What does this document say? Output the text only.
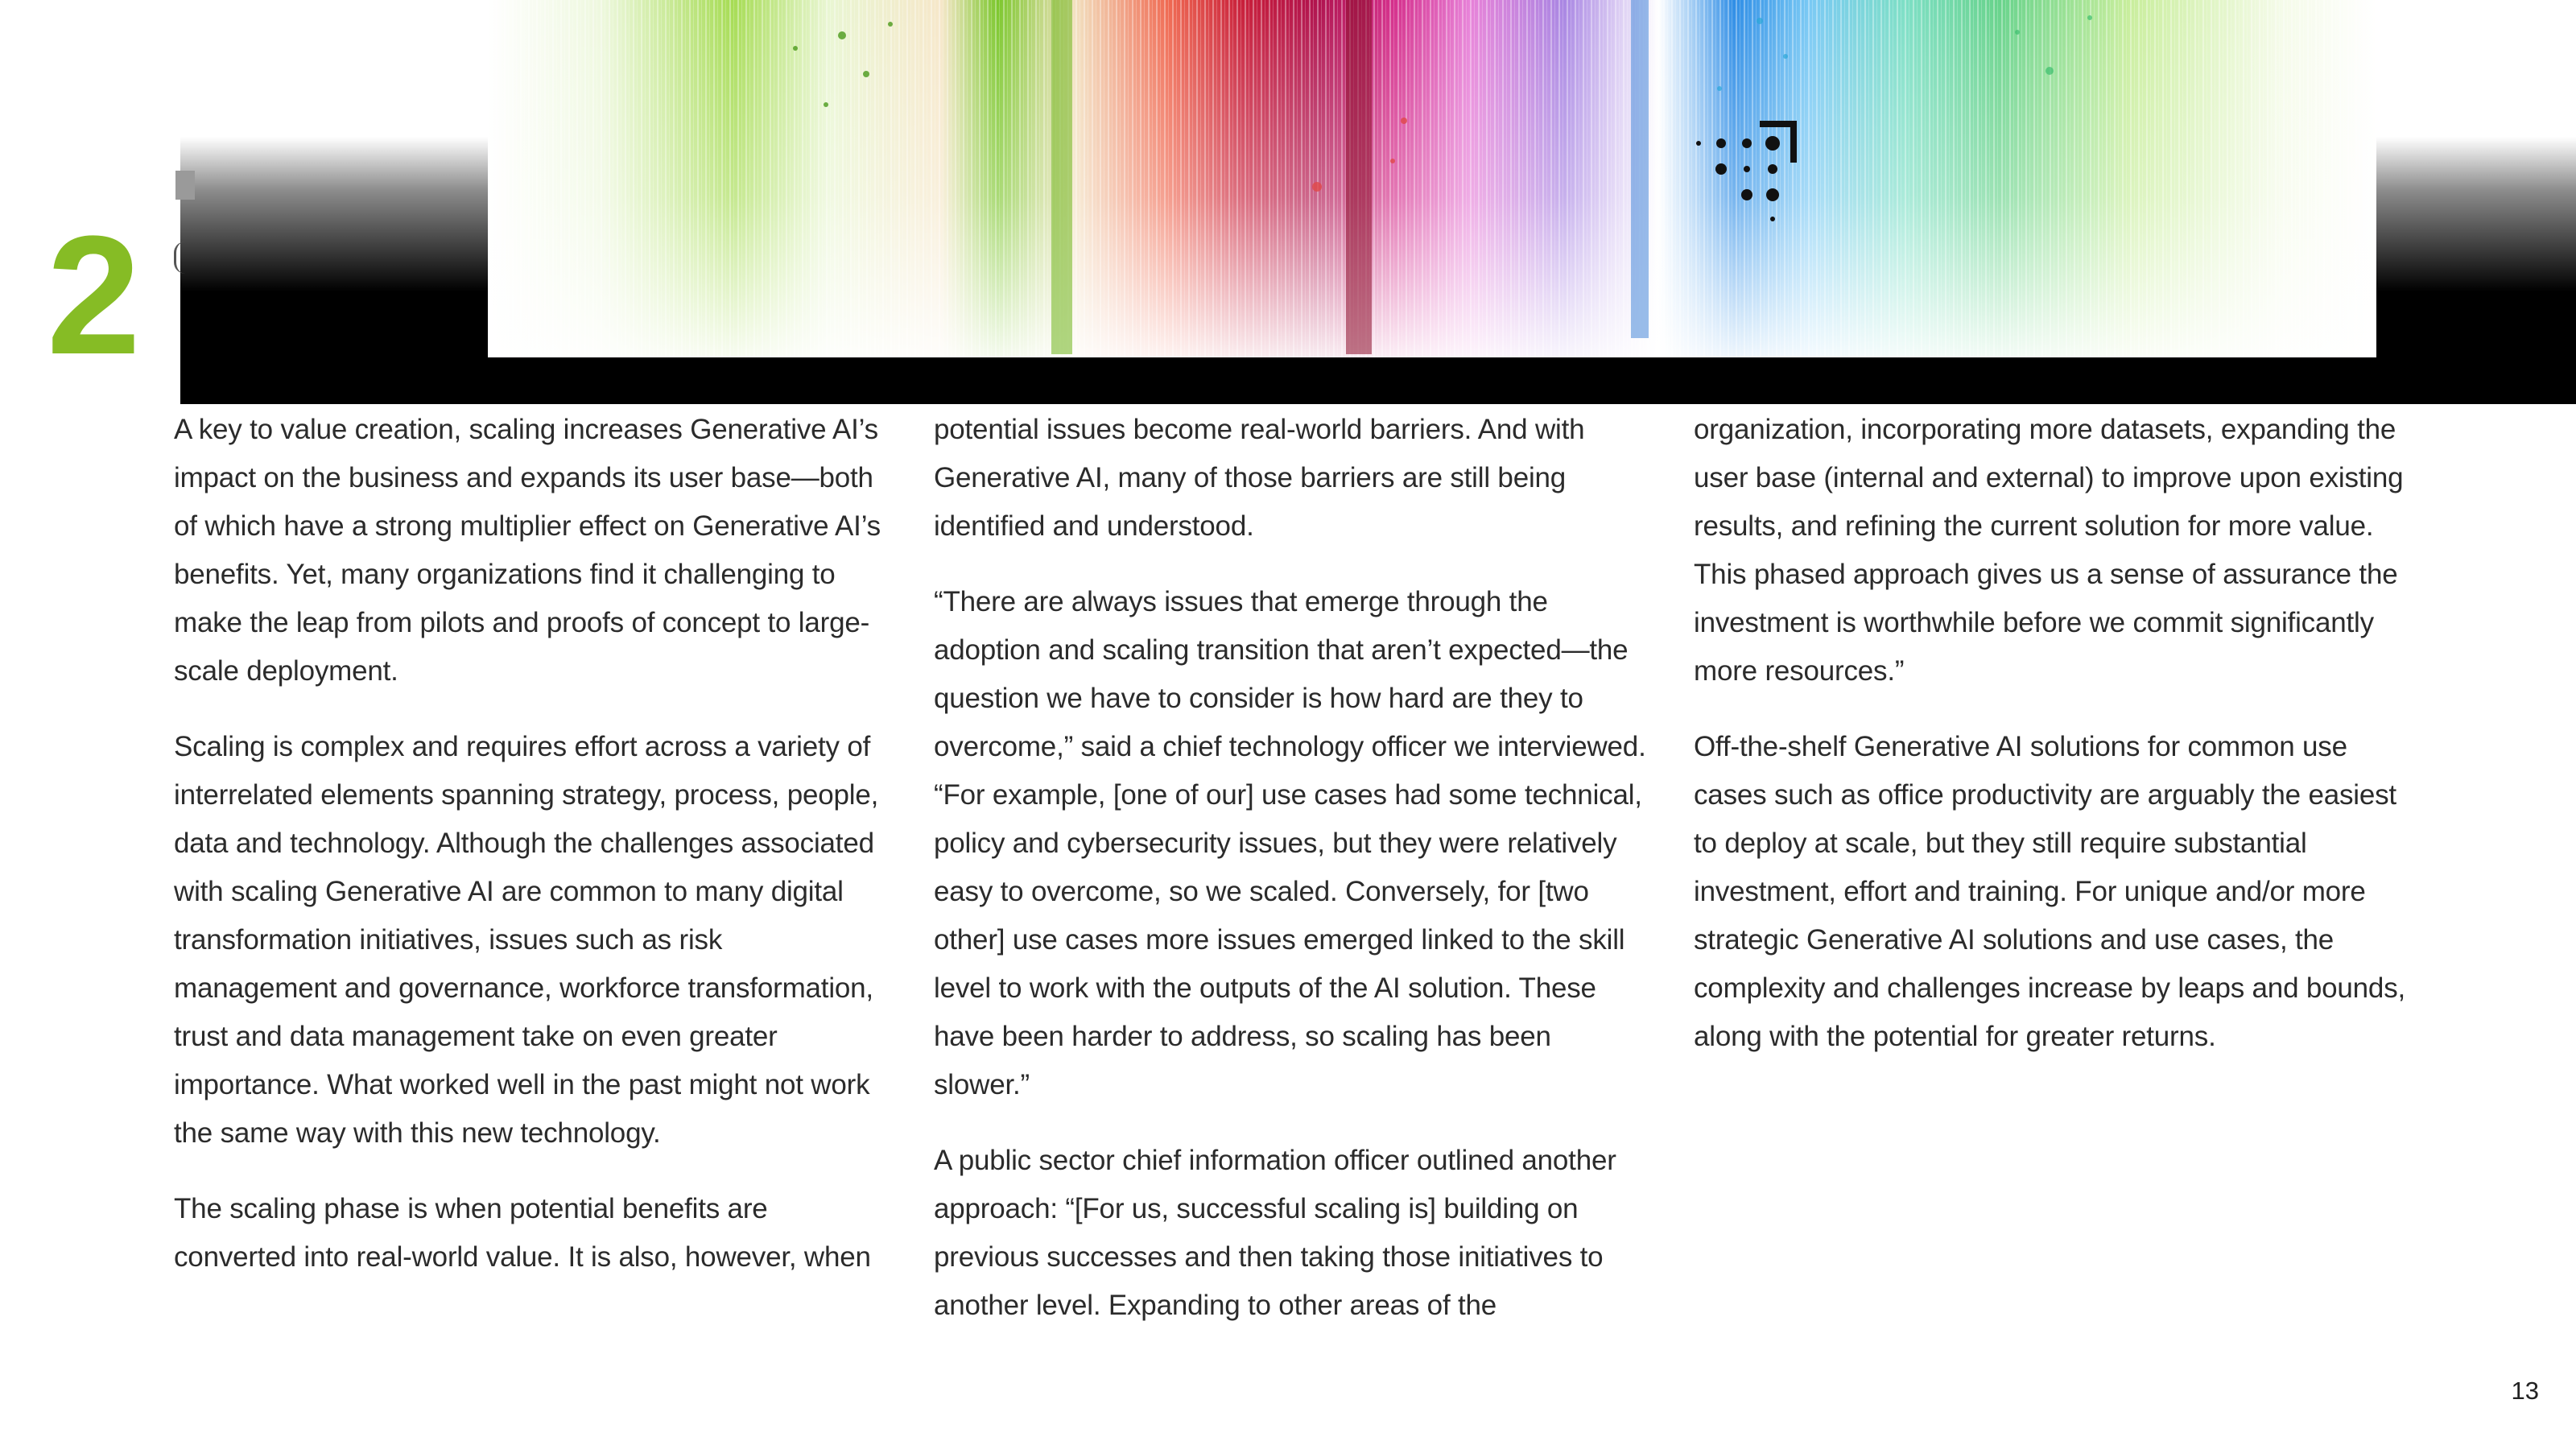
2

A key to value creation, scaling increases Generative AI’s impact on the business and expands its user base—both of which have a strong multiplier effect on Generative AI’s benefits. Yet, many organizations find it challenging to make the leap from pilots and proofs of concept to large-scale deployment.

Scaling is complex and requires effort across a variety of interrelated elements spanning strategy, process, people, data and technology. Although the challenges associated with scaling Generative AI are common to many digital transformation initiatives, issues such as risk management and governance, workforce transformation, trust and data management take on even greater importance. What worked well in the past might not work the same way with this new technology.

The scaling phase is when potential benefits are converted into real-world value. It is also, however, when

potential issues become real-world barriers. And with Generative AI, many of those barriers are still being identified and understood.

“There are always issues that emerge through the adoption and scaling transition that aren’t expected—the question we have to consider is how hard are they to overcome,” said a chief technology officer we interviewed. “For example, [one of our] use cases had some technical, policy and cybersecurity issues, but they were relatively easy to overcome, so we scaled. Conversely, for [two other] use cases more issues emerged linked to the skill level to work with the outputs of the AI solution. These have been harder to address, so scaling has been slower.”

A public sector chief information officer outlined another approach: “[For us, successful scaling is] building on previous successes and then taking those initiatives to another level. Expanding to other areas of the

organization, incorporating more datasets, expanding the user base (internal and external) to improve upon existing results, and refining the current solution for more value. This phased approach gives us a sense of assurance the investment is worthwhile before we commit significantly more resources.”

Off-the-shelf Generative AI solutions for common use cases such as office productivity are arguably the easiest to deploy at scale, but they still require substantial investment, effort and training. For unique and/or more strategic Generative AI solutions and use cases, the complexity and challenges increase by leaps and bounds, along with the potential for greater returns.

13
